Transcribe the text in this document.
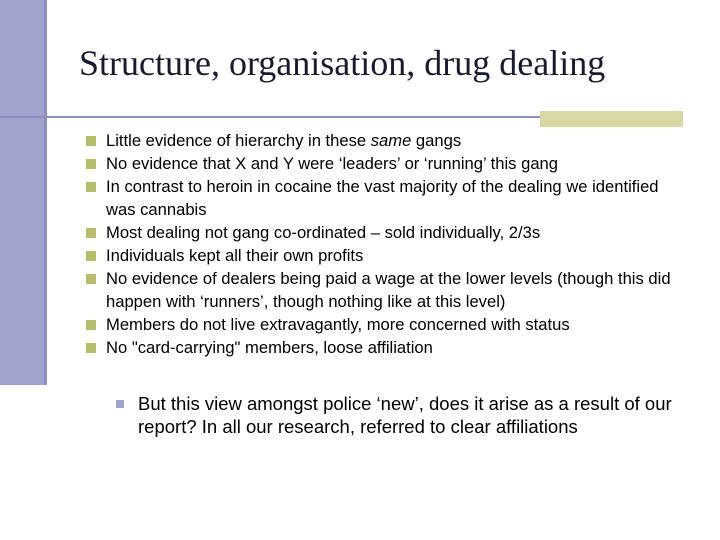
Structure, organisation, drug dealing
Little evidence of hierarchy in these same gangs
No evidence that X and Y were ‘leaders’ or ‘running’ this gang
In contrast to heroin in cocaine the vast majority of the dealing we identified was cannabis
Most dealing not gang co-ordinated – sold individually, 2/3s
Individuals kept all their own profits
No evidence of dealers being paid a wage at the lower levels (though this did happen with ‘runners’, though nothing like at this level)
Members do not live extravagantly, more concerned with status
No "card-carrying" members, loose affiliation
But this view amongst police ‘new’, does it arise as a result of our report? In all our research, referred to clear affiliations
